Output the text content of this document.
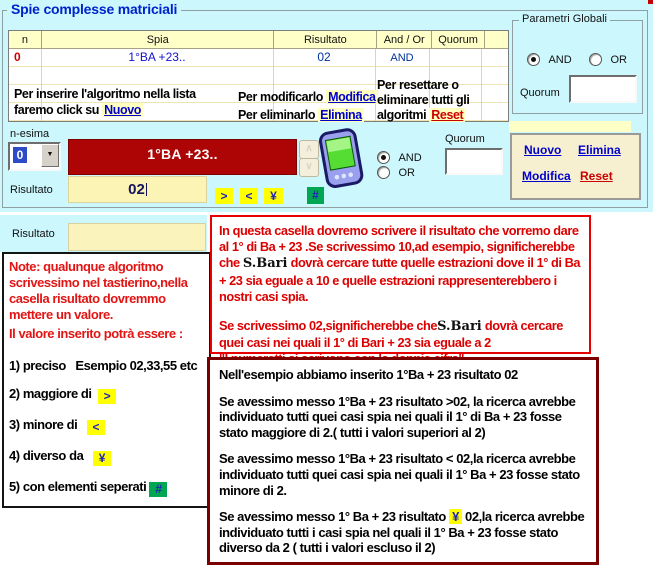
Spie complesse matriciali
n	Spia	Risultato	And / Or	Quorum
0	1°BA +23..	02	AND
Per inserire l'algoritmo nella lista
faremo click su Nuovo
Per modificarlo Modifica
Per eliminarlo Elimina
Per resettare o
eliminare tutti gli
algoritmi Reset
Parametri Globali
AND	OR
Quorum
n-esima
0	▼	1°BA +23..	∧
∨
AND
OR
Quorum
Risultato	02	>	<	¥	#
Nuovo Elimina
Modifica Reset
Risultato
Note: qualunque algoritmo scrivessimo nel tastierino,nella casella risultato dovremmo mettere un valore.
Il valore inserito potrà essere :
1) preciso Esempio 02,33,55 etc
2) maggiore di >
3) minore di <
4) diverso da ¥
5) con elementi seperati #
In questa casella dovremo scrivere il risultato che vorremo dare al 1° di Ba + 23 .Se scrivessimo 10,ad esempio, significherebbe che S.Bari dovrà cercare tutte quelle estrazioni dove il 1° di Ba + 23 sia eguale a 10 e quelle estrazioni rappresenterebbero i nostri casi spia.
Se scrivessimo 02,significherebbe cheS.Bari dovrà cercare quei casi nei quali il 1° di Bari + 23 sia eguale a 2
Nell'esempio abbiamo inserito 1°Ba + 23 risultato 02
Se avessimo messo 1°Ba + 23 risultato >02, la ricerca avrebbe individuato tutti quei casi spia nei quali il 1° di Ba + 23 fosse stato maggiore di 2.( tutti i valori superiori al 2)
Se avessimo messo 1°Ba + 23 risultato < 02,la ricerca avrebbe individuato tutti quei casi spia nei quali il 1° Ba + 23 fosse stato minore di 2.
Se avessimo messo 1° Ba + 23 risultato ¥ 02,la ricerca avrebbe individuato tutti i casi spia nel quali il 1° Ba + 23 fosse stato diverso da 2 ( tutti i valori escluso il 2)
